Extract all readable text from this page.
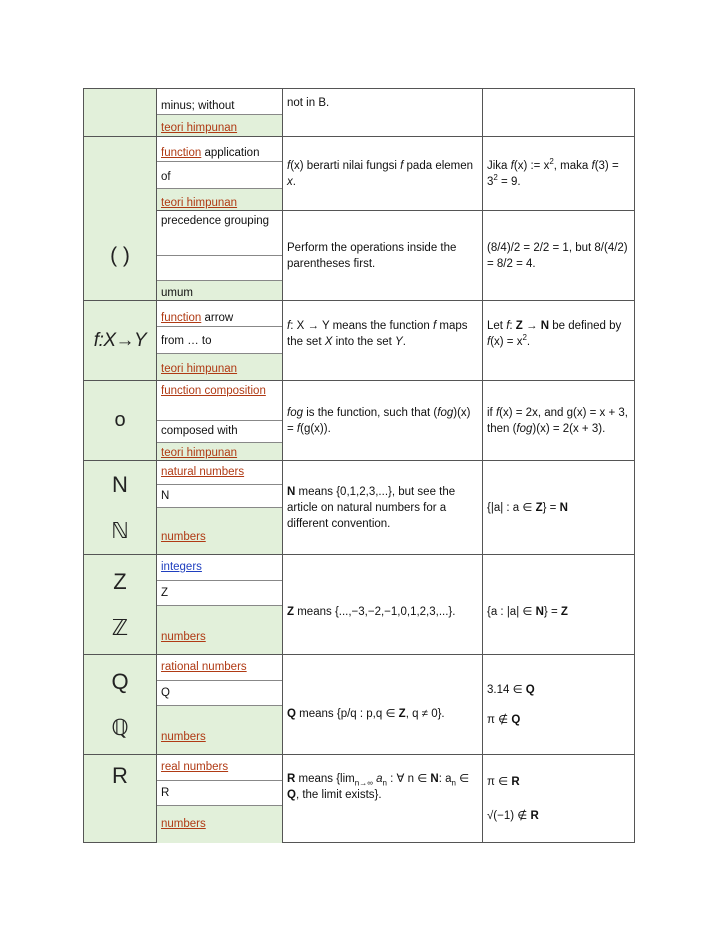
minus; without
teori himpunan
not in B.
function application
of
teori himpunan
f(x) berarti nilai fungsi f pada elemen x.
Jika f(x) := $x^2$, maka $f(3) = 3^2 = 9$.
( )
precedence grouping
umum
Perform the operations inside the parentheses first.
(8/4)/2 = 2/2 = 1, but 8/(4/2) = 8/2 = 4.
f:X→Y
function arrow
from … to
teori himpunan
f: X → Y means the function f maps the set X into the set Y.
Let f: Z → N be defined by $f(x) = x^2$.
o
function composition
composed with
teori himpunan
fog is the function, such that (fog)(x) = f(g(x)).
if f(x) = 2x, and g(x) = x + 3, then (fog)(x) = 2(x + 3).
N
ℕ
natural numbers
N
numbers
N means {0,1,2,3,...}, but see the article on natural numbers for a different convention.
{|a| : a ∈ Z} = N
Z
ℤ
integers
Z
numbers
Z means {...,−3,−2,−1,0,1,2,3,...}.	{a : |a| ∈ N} = Z
Q
ℚ
rational numbers
Q
numbers
Q means {p/q : p,q ∈ Z, q ≠ 0}.
3.14 ∈ Q
π ∉ Q
R	real numbers
R
numbers
R means {$\lim_{n\to\infty}$ $a_n$ : ∀ n ∈ N: $a_n$ ∈ Q, the limit exists}.
π ∈ R
√(−1) ∉ R
